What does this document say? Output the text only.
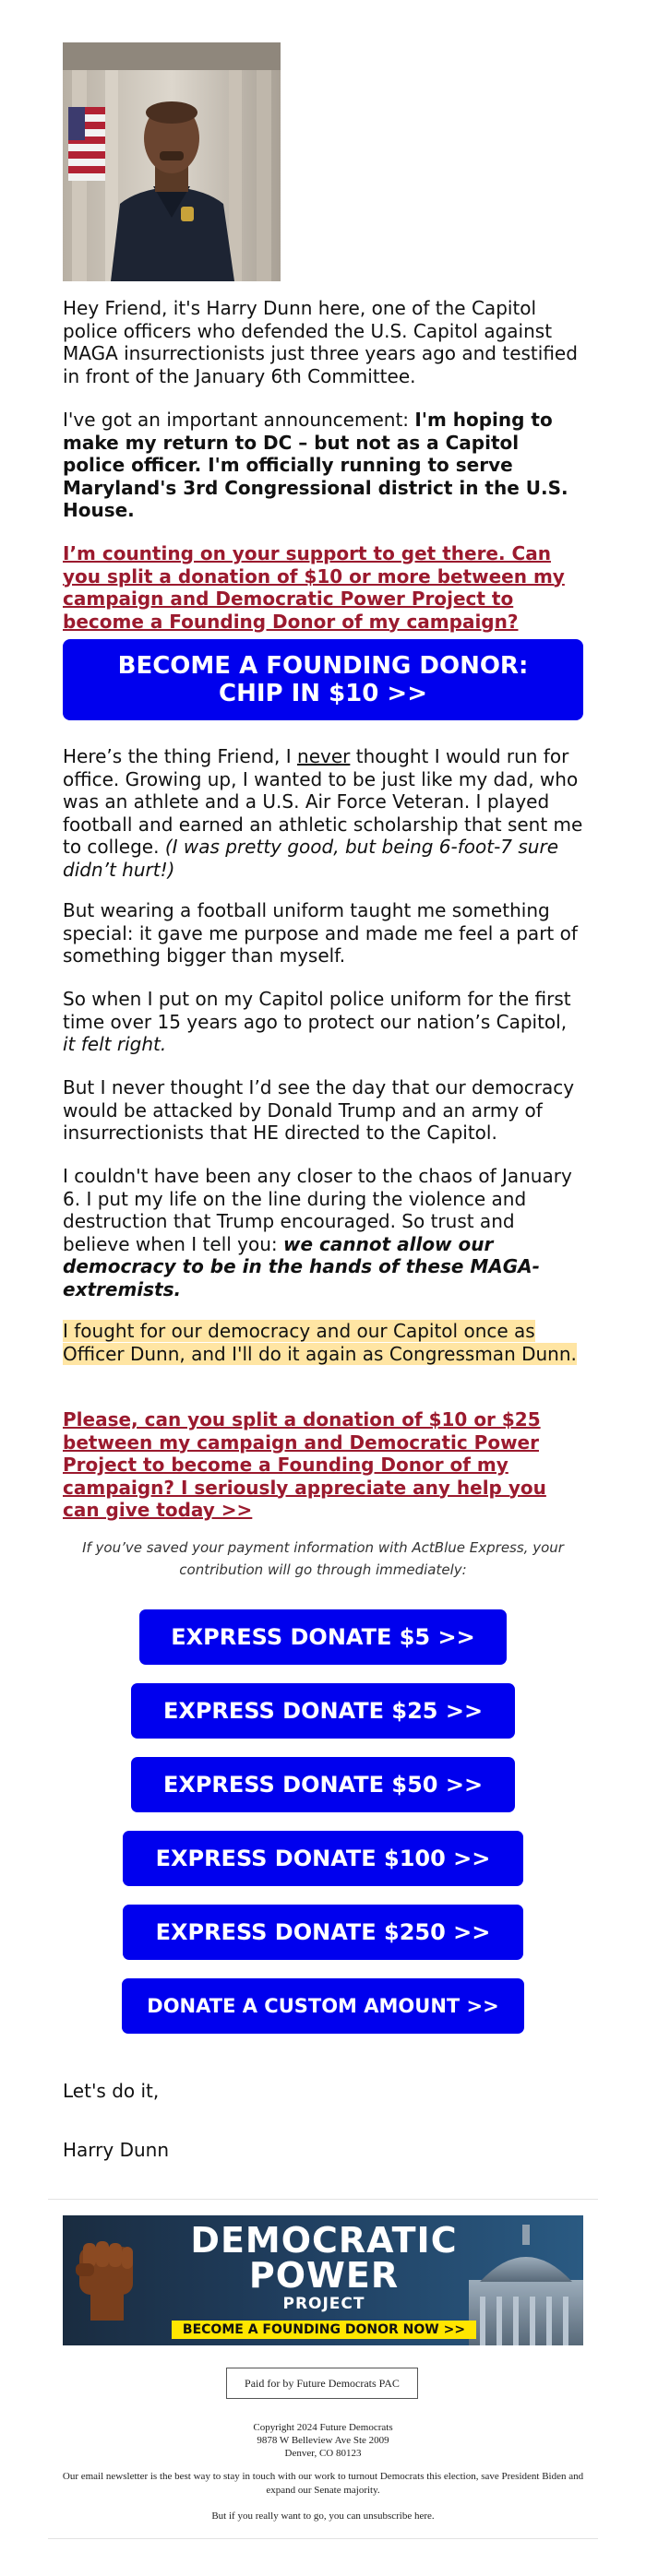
Hey Friend, it's Harry Dunn here, one of the Capitol police officers who defended the U.S. Capitol against MAGA insurrectionists just three years ago and testified in front of the January 6th Committee.

I've got an important announcement: I'm hoping to make my return to DC – but not as a Capitol police officer. I'm officially running to serve Maryland's 3rd Congressional district in the U.S. House.

I’m counting on your support to get there. Can you split a donation of $10 or more between my campaign and Democratic Power Project to become a Founding Donor of my campaign?

BECOME A FOUNDING DONOR:
CHIP IN $10 >>

Here’s the thing Friend, I never thought I would run for office. Growing up, I wanted to be just like my dad, who was an athlete and a U.S. Air Force Veteran. I played football and earned an athletic scholarship that sent me to college. (I was pretty good, but being 6-foot-7 sure didn’t hurt!)

But wearing a football uniform taught me something special: it gave me purpose and made me feel a part of something bigger than myself.

So when I put on my Capitol police uniform for the first time over 15 years ago to protect our nation’s Capitol, it felt right.

But I never thought I’d see the day that our democracy would be attacked by Donald Trump and an army of insurrectionists that HE directed to the Capitol.

I couldn't have been any closer to the chaos of January 6. I put my life on the line during the violence and destruction that Trump encouraged. So trust and believe when I tell you: we cannot allow our democracy to be in the hands of these MAGA-extremists.

I fought for our democracy and our Capitol once as Officer Dunn, and I'll do it again as Congressman Dunn.

Please, can you split a donation of $10 or $25 between my campaign and Democratic Power Project to become a Founding Donor of my campaign? I seriously appreciate any help you can give today >>

If you’ve saved your payment information with ActBlue Express, your contribution will go through immediately:
EXPRESS DONATE $5 >>
EXPRESS DONATE $25 >>
EXPRESS DONATE $50 >>
EXPRESS DONATE $100 >>
EXPRESS DONATE $250 >>
DONATE A CUSTOM AMOUNT >>

Let's do it,

Harry Dunn

DEMOCRATIC
POWER
PROJECT
BECOME A FOUNDING DONOR NOW >>
Paid for by Future Democrats PAC
Copyright 2024 Future Democrats
9878 W Belleview Ave Ste 2009
Denver, CO 80123
Our email newsletter is the best way to stay in touch with our work to turnout Democrats this election, save President Biden and expand our Senate majority.
But if you really want to go, you can unsubscribe here.
